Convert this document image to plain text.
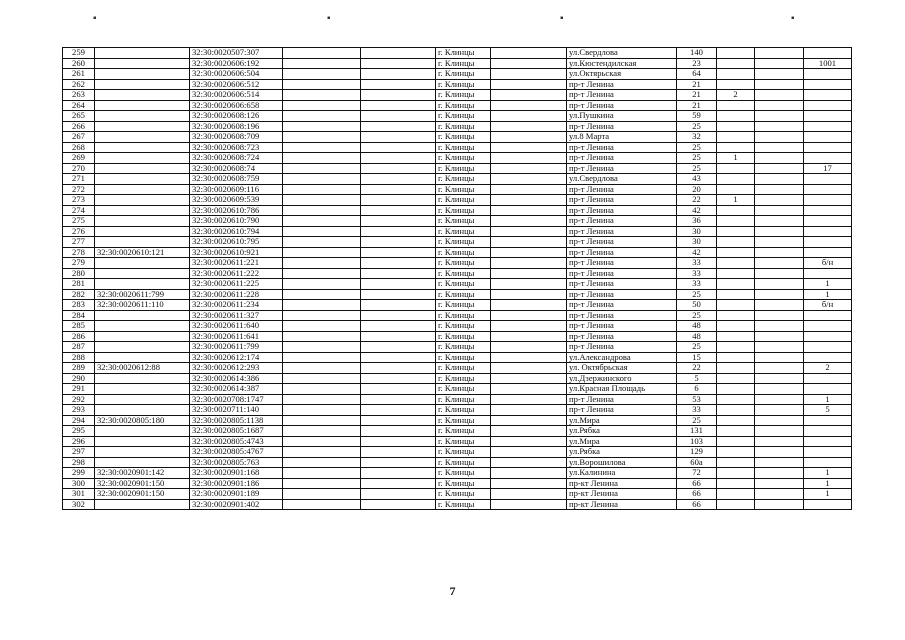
▪	▪	▪	▪
259		32:30:0020507:307			г. Клинцы		ул.Свердлова	140			
260		32:30:0020606:192			г. Клинцы		ул.Кюстендилская	23			1001
261		32:30:0020606:504			г. Клинцы		ул.Октярьская	64			
262		32:30:0020606:512			г. Клинцы		пр-т Ленина	21			
263		32:30:0020606:514			г. Клинцы		пр-т Ленина	21	2		
264		32:30:0020606:658			г. Клинцы		пр-т Ленина	21			
265		32:30:0020608:126			г. Клинцы		ул.Пушкина	59			
266		32:30:0020608:196			г. Клинцы		пр-т Ленина	25			
267		32:30:0020608:709			г. Клинцы		ул.8 Марта	32			
268		32:30:0020608:723			г. Клинцы		пр-т Ленина	25			
269		32:30:0020608:724			г. Клинцы		пр-т Ленина	25	1		
270		32:30:0020608:74			г. Клинцы		пр-т Ленина	25			17
271		32:30:0020608:759			г. Клинцы		ул.Свердлова	43			
272		32:30:0020609:116			г. Клинцы		пр-т Ленина	20			
273		32:30:0020609:539			г. Клинцы		пр-т Ленина	22	1		
274		32:30:0020610:786			г. Клинцы		пр-т Ленина	42			
275		32:30:0020610:790			г. Клинцы		пр-т Ленина	36			
276		32:30:0020610:794			г. Клинцы		пр-т Ленина	30			
277		32:30:0020610:795			г. Клинцы		пр-т Ленина	30			
278	32:30:0020610:121	32:30:0020610:921			г. Клинцы		пр-т Ленина	42			
279		32:30:0020611:221			г. Клинцы		пр-т Ленина	33			б/н
280		32:30:0020611:222			г. Клинцы		пр-т Ленина	33			
281		32:30:0020611:225			г. Клинцы		пр-т Ленина	33			1
282	32:30:0020611:799	32:30:0020611:228			г. Клинцы		пр-т Ленина	25			1
283	32:30:0020611:110	32:30:0020611:234			г. Клинцы		пр-т Ленина	50			б/н
284		32:30:0020611:327			г. Клинцы		пр-т Ленина	25			
285		32:30:0020611:640			г. Клинцы		пр-т Ленина	48			
286		32:30:0020611:641			г. Клинцы		пр-т Ленина	48			
287		32:30:0020611:799			г. Клинцы		пр-т Ленина	25			
288		32:30:0020612:174			г. Клинцы		ул.Александрова	15			
289	32:30:0020612:88	32:30:0020612:293			г. Клинцы		ул. Октябрьская	22			2
290		32:30:0020614:386			г. Клинцы		ул.Дзержинского	5			
291		32:30:0020614:387			г. Клинцы		ул.Красная Площадь	6			
292		32:30:0020708:1747			г. Клинцы		пр-т Ленина	53			1
293		32:30:0020711:140			г. Клинцы		пр-т Ленина	33			5
294	32:30:0020805:180	32:30:0020805:1138			г. Клинцы		ул.Мира	25			
295		32:30:0020805:1687			г. Клинцы		ул.Рябка	131			
296		32:30:0020805:4743			г. Клинцы		ул.Мира	103			
297		32:30:0020805:4767			г. Клинцы		ул.Рябка	129			
298		32:30:0020805:763			г. Клинцы		ул.Ворошилова	60а			
299	32:30:0020901:142	32:30:0020901:168			г. Клинцы		ул.Калинина	72			1
300	32:30:0020901:150	32:30:0020901:186			г. Клинцы		пр-кт Ленина	66			1
301	32:30:0020901:150	32:30:0020901:189			г. Клинцы		пр-кт Ленина	66			1
302		32:30:0020901:402			г. Клинцы		пр-кт Ленина	66			
7
